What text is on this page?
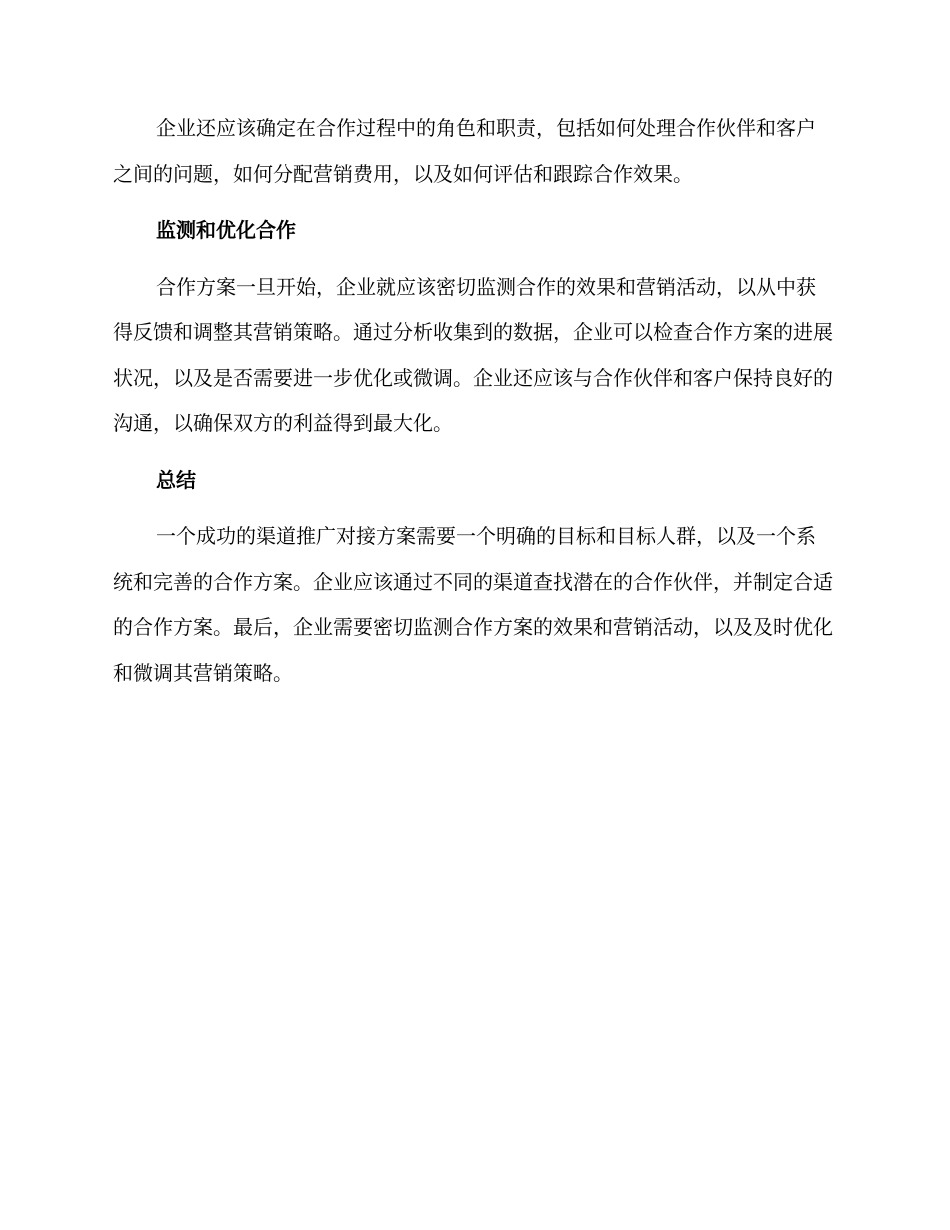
企业还应该确定在合作过程中的角色和职责，包括如何处理合作伙伴和客户之间的问题，如何分配营销费用，以及如何评估和跟踪合作效果。

监测和优化合作

合作方案一旦开始，企业就应该密切监测合作的效果和营销活动，以从中获得反馈和调整其营销策略。通过分析收集到的数据，企业可以检查合作方案的进展状况，以及是否需要进一步优化或微调。企业还应该与合作伙伴和客户保持良好的沟通，以确保双方的利益得到最大化。

总结

一个成功的渠道推广对接方案需要一个明确的目标和目标人群，以及一个系统和完善的合作方案。企业应该通过不同的渠道查找潜在的合作伙伴，并制定合适的合作方案。最后，企业需要密切监测合作方案的效果和营销活动，以及及时优化和微调其营销策略。
